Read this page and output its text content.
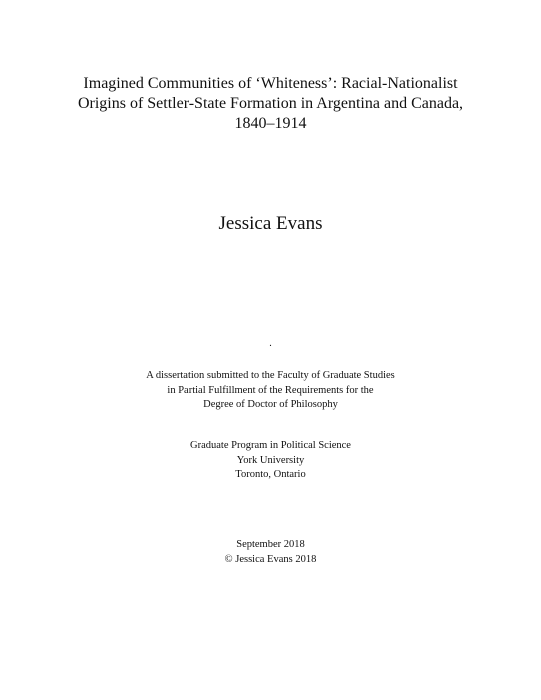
Imagined Communities of ‘Whiteness’: Racial-Nationalist
Origins of Settler-State Formation in Argentina and Canada,
1840–1914
Jessica Evans
.
A dissertation submitted to the Faculty of Graduate Studies
in Partial Fulfillment of the Requirements for the
Degree of Doctor of Philosophy
Graduate Program in Political Science
York University
Toronto, Ontario
September 2018
© Jessica Evans 2018
